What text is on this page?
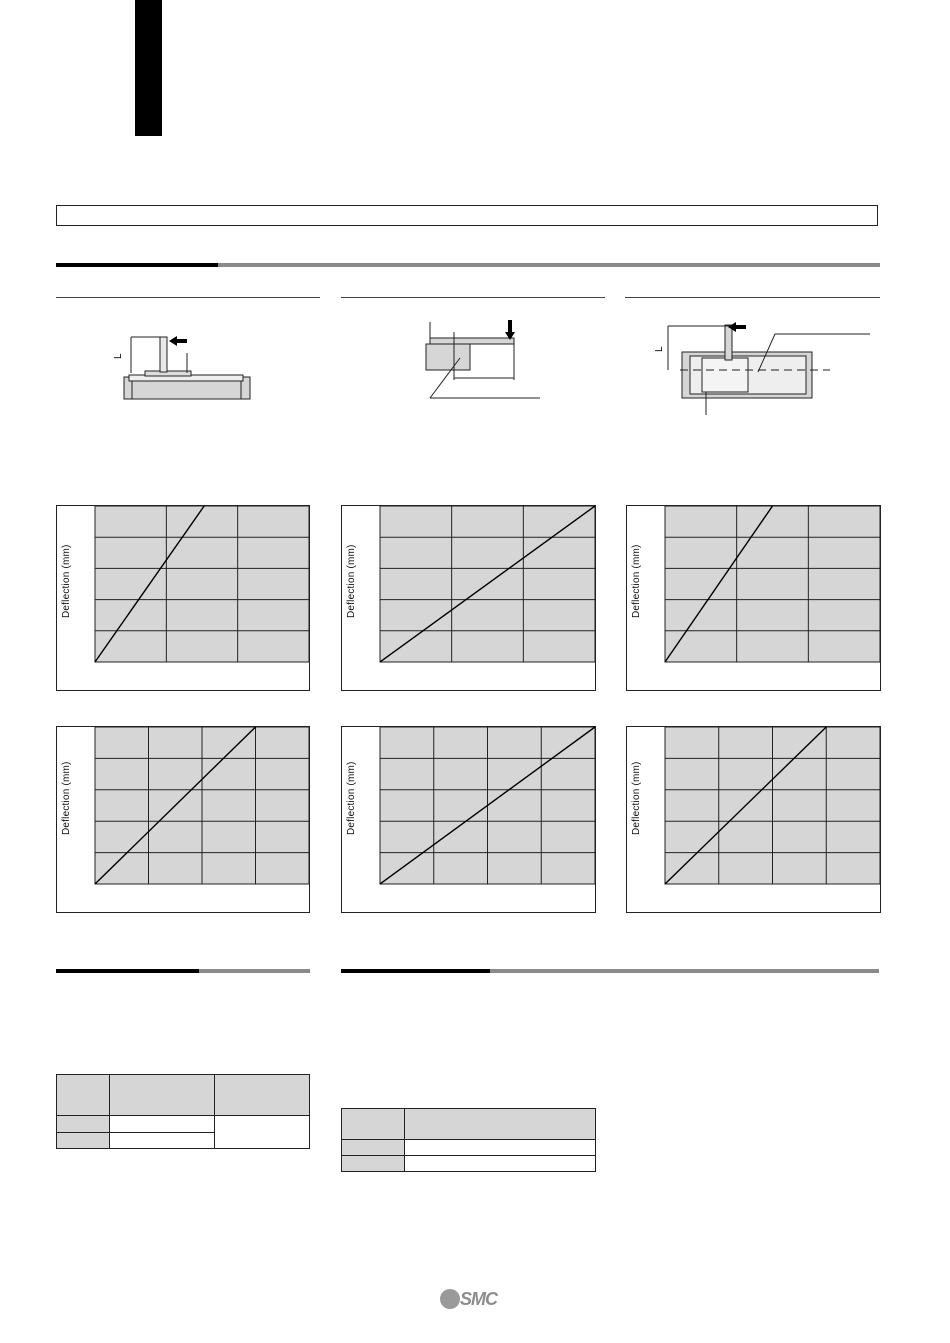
L
L
Deflection (mm)	Deflection (mm)	Deflection (mm)
Deflection (mm)	Deflection (mm)	Deflection (mm)

SMC
